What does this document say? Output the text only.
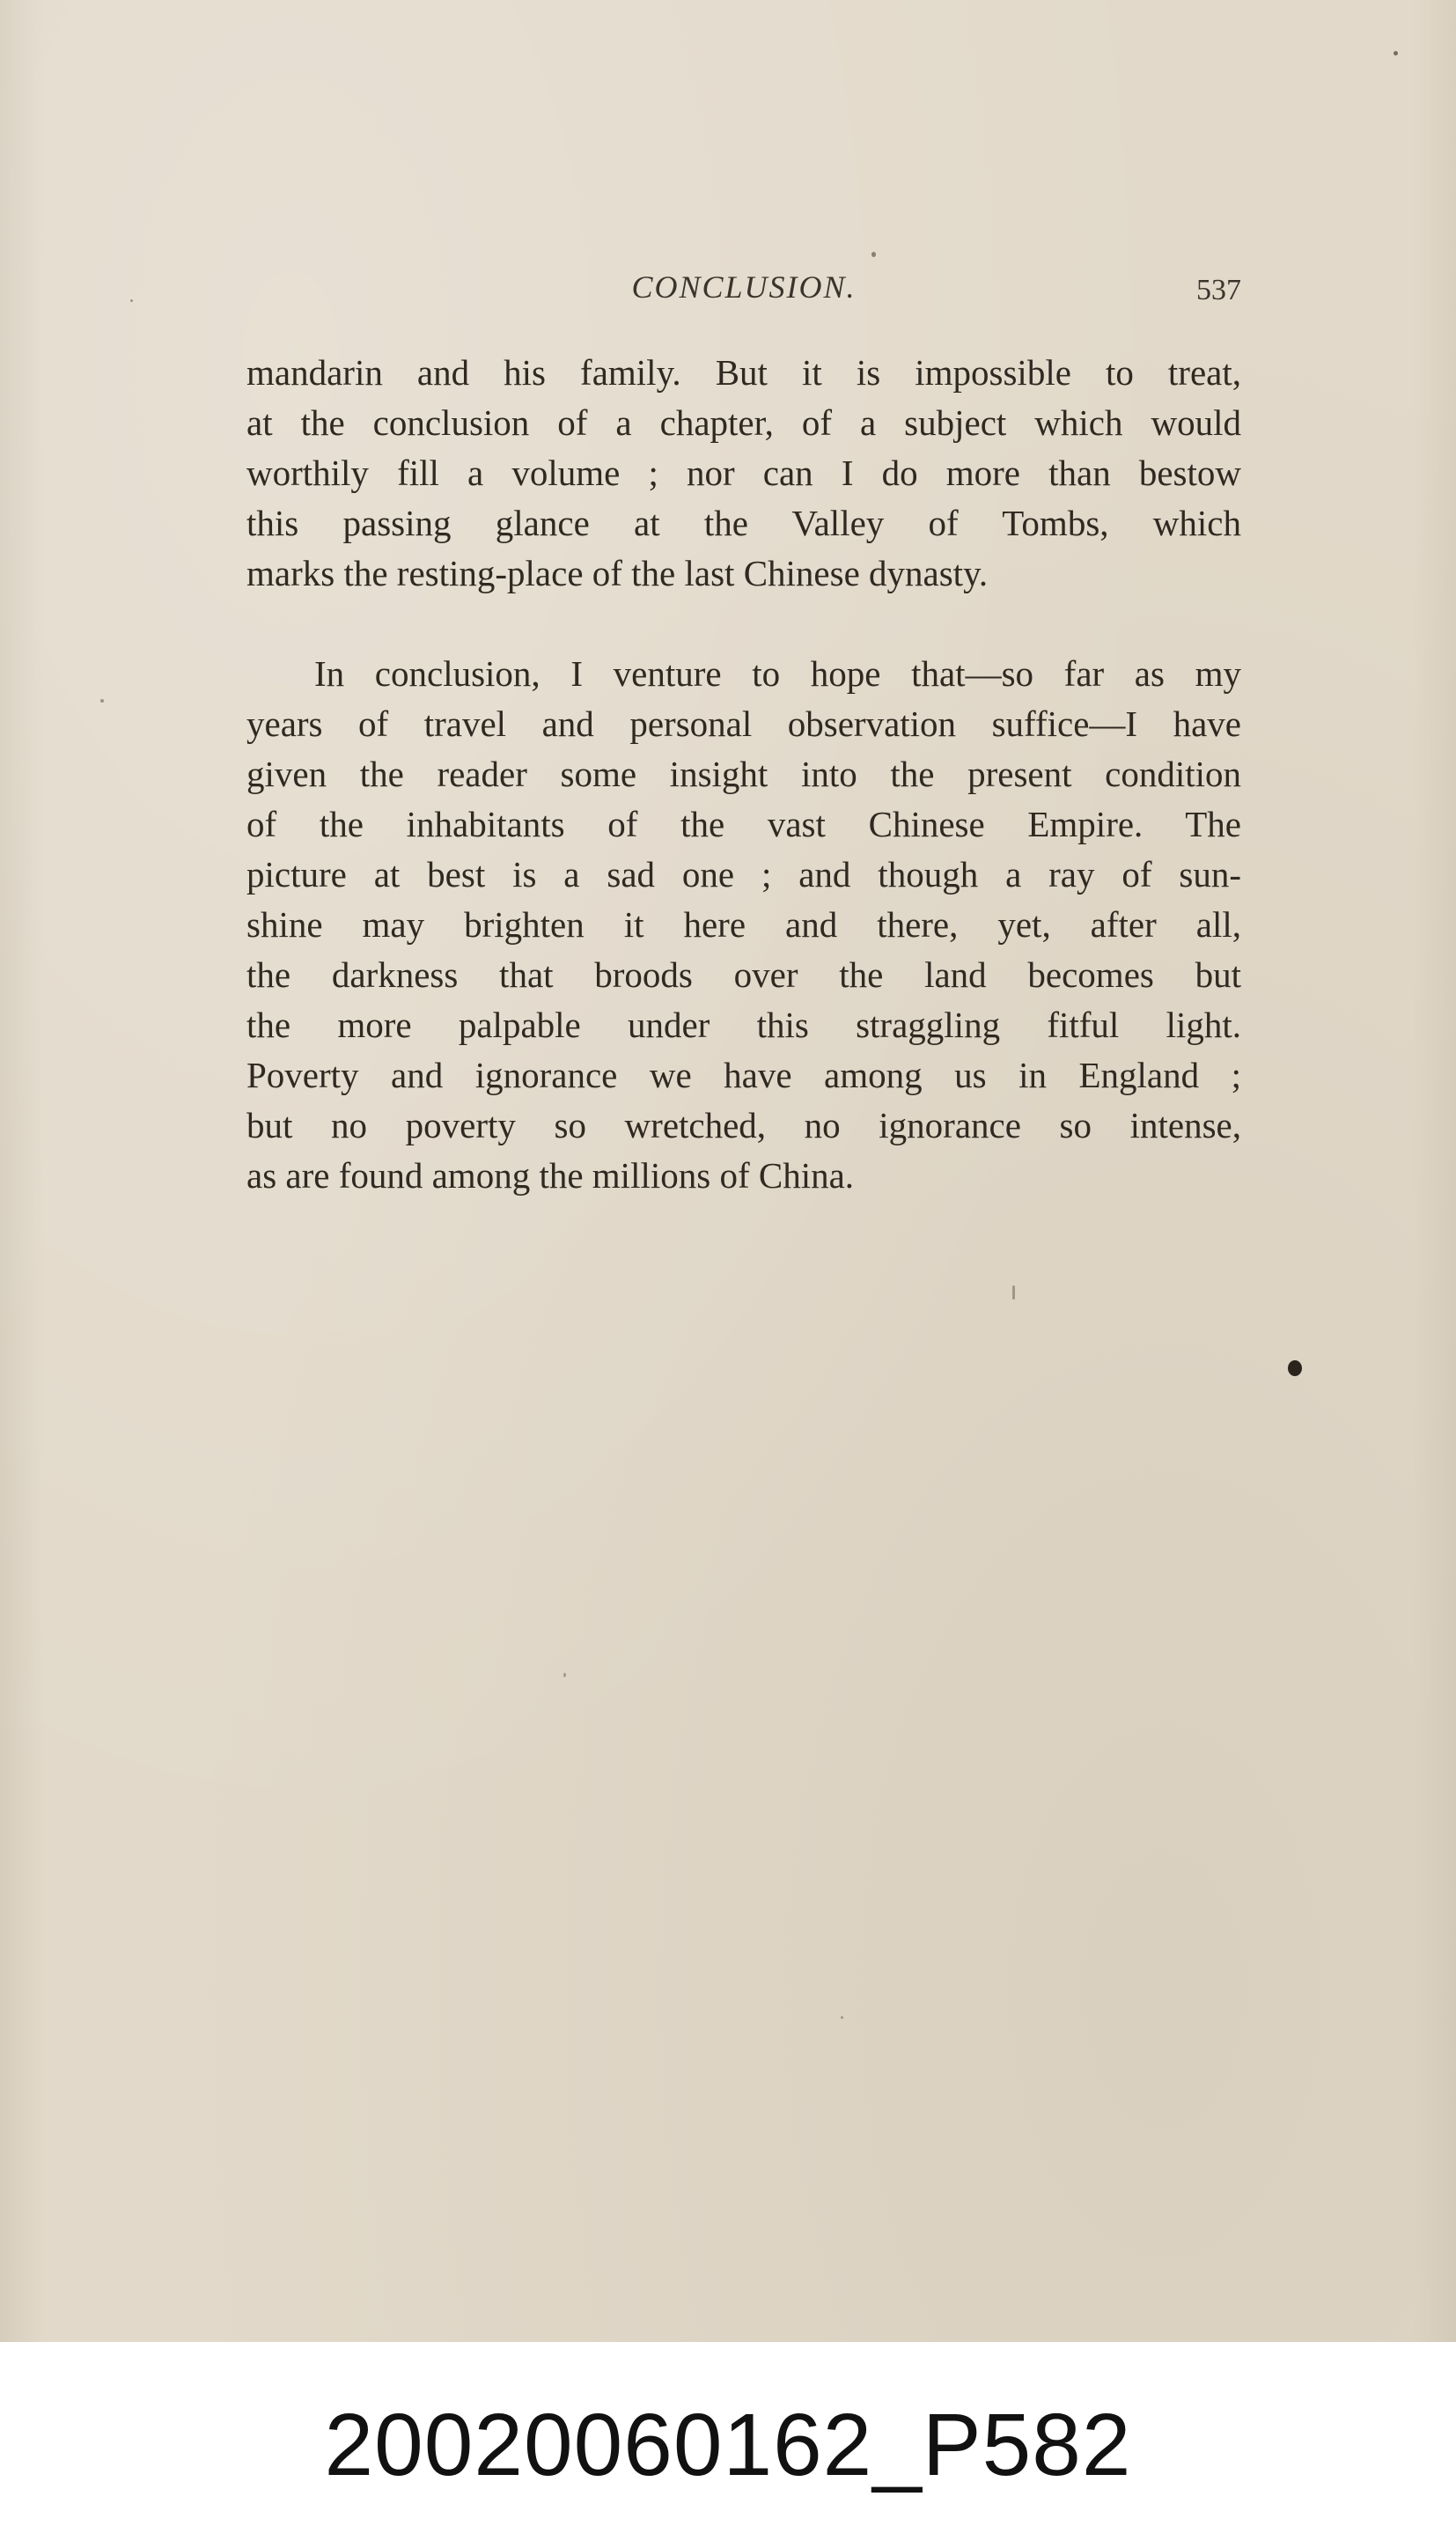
CONCLUSION.	537

mandarin and his family. But it is impossible to treat,
at the conclusion of a chapter, of a subject which would
worthily fill a volume ; nor can I do more than bestow
this passing glance at the Valley of Tombs, which
marks the resting-place of the last Chinese dynasty.

In conclusion, I venture to hope that—so far as my
years of travel and personal observation suffice—I have
given the reader some insight into the present condition
of the inhabitants of the vast Chinese Empire. The
picture at best is a sad one ; and though a ray of sun-
shine may brighten it here and there, yet, after all,
the darkness that broods over the land becomes but
the more palpable under this straggling fitful light.
Poverty and ignorance we have among us in England ;
but no poverty so wretched, no ignorance so intense,
as are found among the millions of China.

20020060162_P582
